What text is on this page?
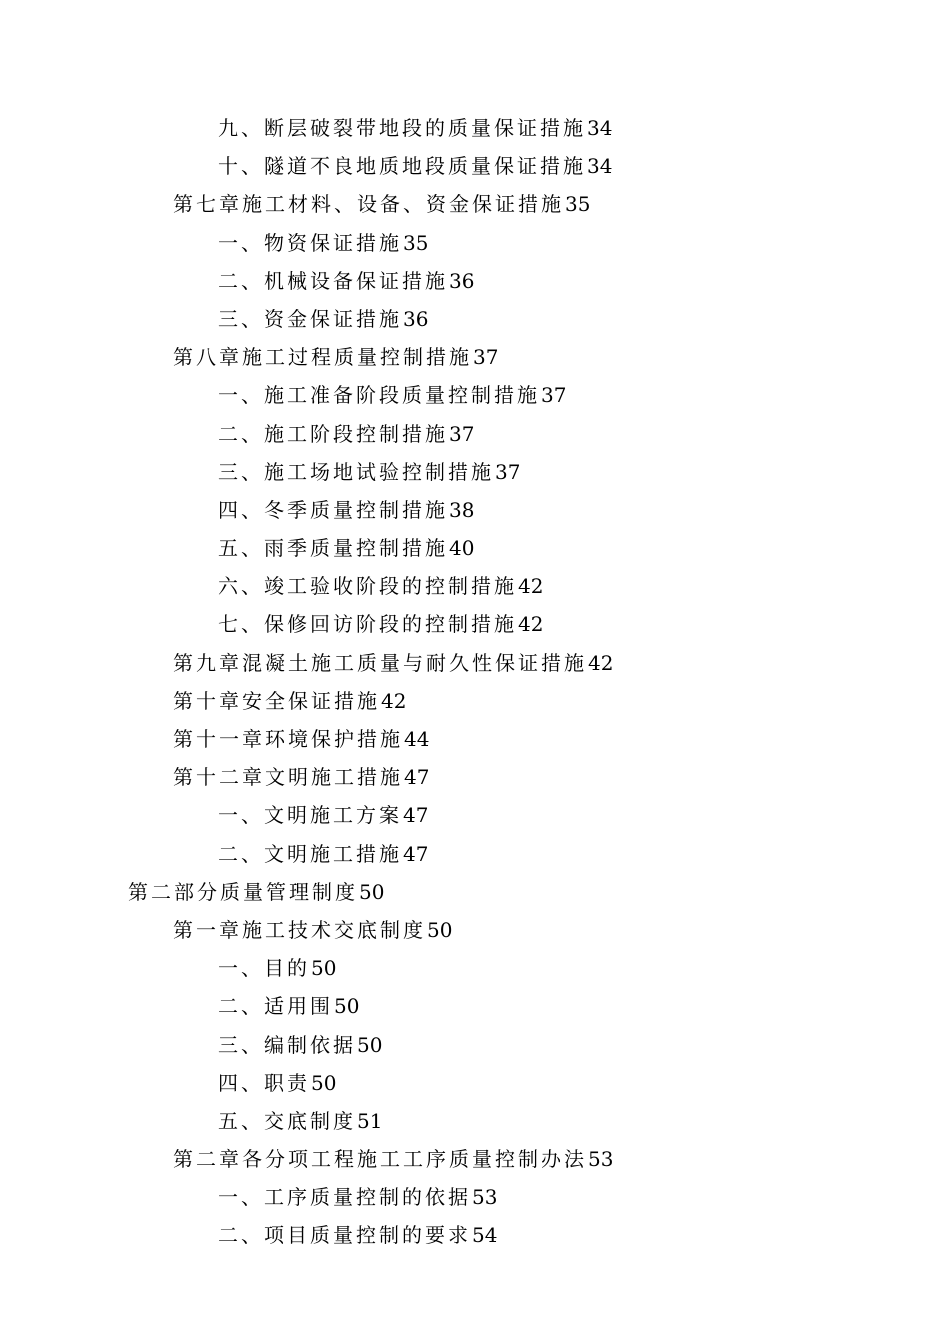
九、断层破裂带地段的质量保证措施34
十、隧道不良地质地段质量保证措施34
第七章施工材料、设备、资金保证措施35
一、物资保证措施35
二、机械设备保证措施36
三、资金保证措施36
第八章施工过程质量控制措施37
一、施工准备阶段质量控制措施37
二、施工阶段控制措施37
三、施工场地试验控制措施37
四、冬季质量控制措施38
五、雨季质量控制措施40
六、竣工验收阶段的控制措施42
七、保修回访阶段的控制措施42
第九章混凝土施工质量与耐久性保证措施42
第十章安全保证措施42
第十一章环境保护措施44
第十二章文明施工措施47
一、文明施工方案47
二、文明施工措施47
第二部分质量管理制度50
第一章施工技术交底制度50
一、目的50
二、适用围50
三、编制依据50
四、职责50
五、交底制度51
第二章各分项工程施工工序质量控制办法53
一、工序质量控制的依据53
二、项目质量控制的要求54
